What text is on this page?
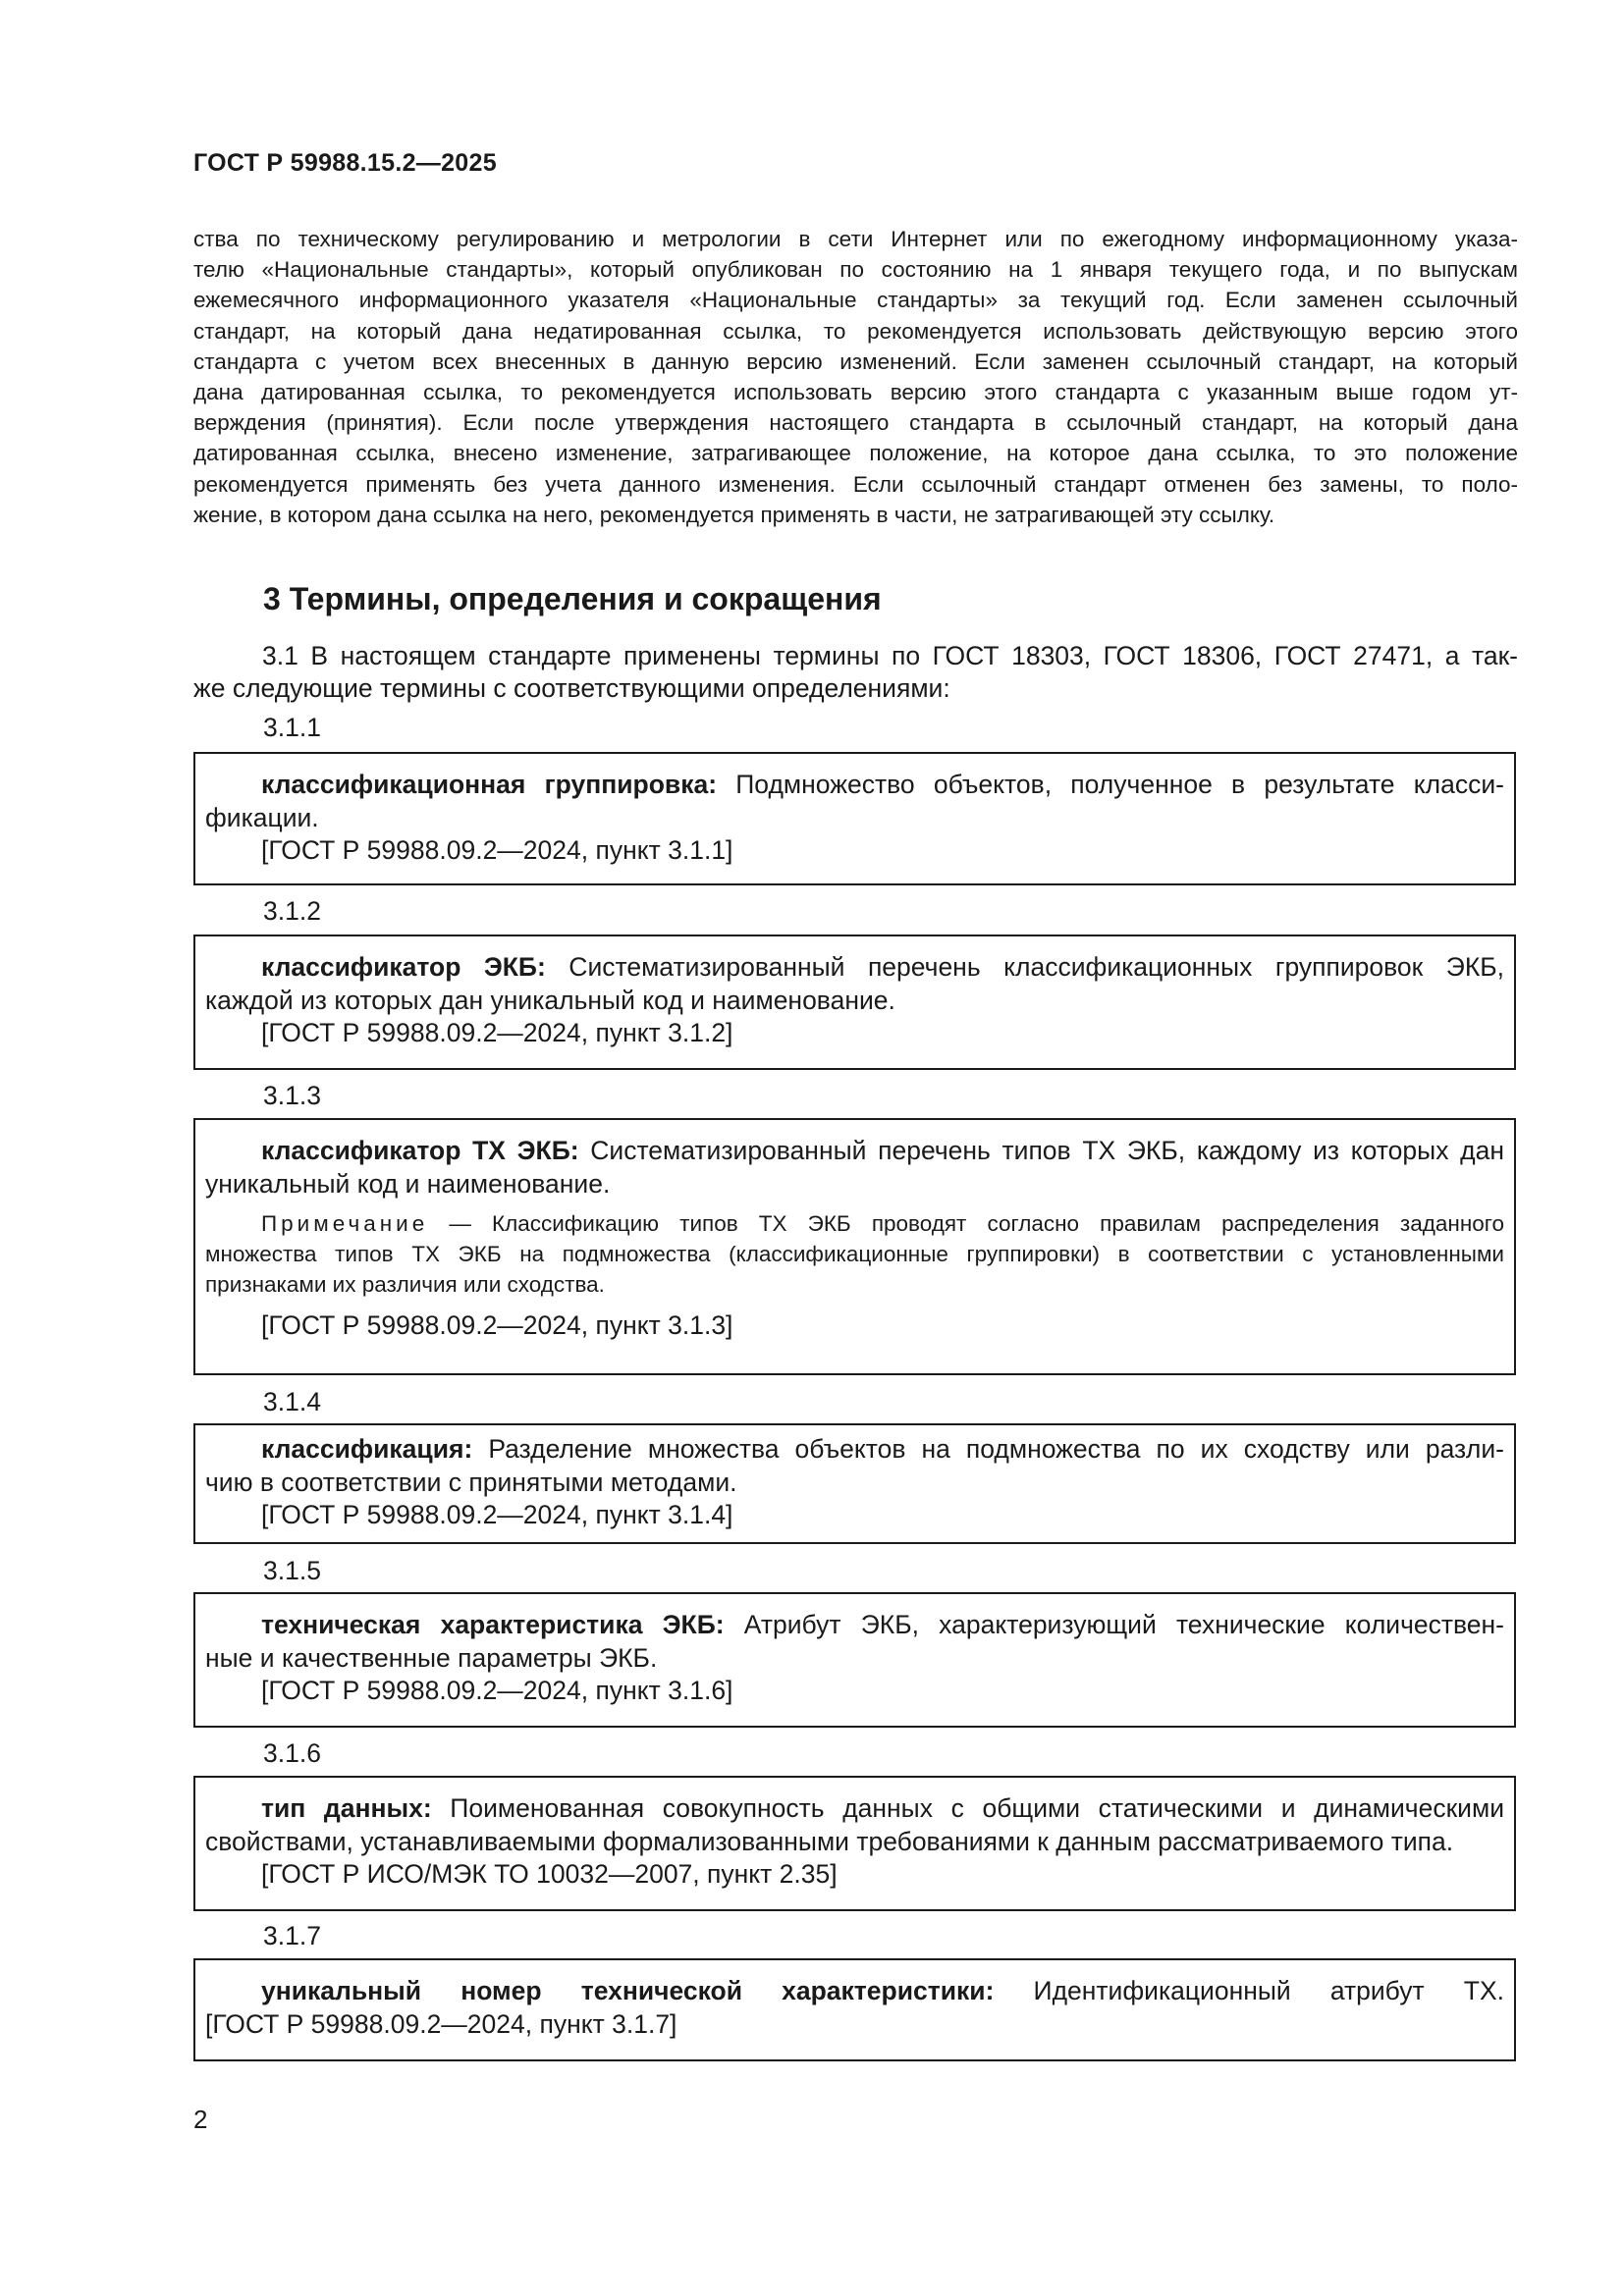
ГОСТ Р 59988.15.2—2025
ства по техническому регулированию и метрологии в сети Интернет или по ежегодному информационному указа-
телю «Национальные стандарты», который опубликован по состоянию на 1 января текущего года, и по выпускам
ежемесячного информационного указателя «Национальные стандарты» за текущий год. Если заменен ссылочный
стандарт, на который дана недатированная ссылка, то рекомендуется использовать действующую версию этого
стандарта с учетом всех внесенных в данную версию изменений. Если заменен ссылочный стандарт, на который
дана датированная ссылка, то рекомендуется использовать версию этого стандарта с указанным выше годом ут-
верждения (принятия). Если после утверждения настоящего стандарта в ссылочный стандарт, на который дана
датированная ссылка, внесено изменение, затрагивающее положение, на которое дана ссылка, то это положение
рекомендуется применять без учета данного изменения. Если ссылочный стандарт отменен без замены, то поло-
жение, в котором дана ссылка на него, рекомендуется применять в части, не затрагивающей эту ссылку.
3 Термины, определения и сокращения
3.1 В настоящем стандарте применены термины по ГОСТ 18303, ГОСТ 18306, ГОСТ 27471, а так-
же следующие термины с соответствующими определениями:
3.1.1
классификационная группировка: Подмножество объектов, полученное в результате класси-
фикации.
[ГОСТ Р 59988.09.2—2024, пункт 3.1.1]
3.1.2
классификатор ЭКБ: Систематизированный перечень классификационных группировок ЭКБ,
каждой из которых дан уникальный код и наименование.
[ГОСТ Р 59988.09.2—2024, пункт 3.1.2]
3.1.3
классификатор ТХ ЭКБ: Систематизированный перечень типов ТХ ЭКБ, каждому из которых дан
уникальный код и наименование.
Примечание — Классификацию типов ТХ ЭКБ проводят согласно правилам распределения заданного
множества типов ТХ ЭКБ на подмножества (классификационные группировки) в соответствии с установленными
признаками их различия или сходства.
[ГОСТ Р 59988.09.2—2024, пункт 3.1.3]
3.1.4
классификация: Разделение множества объектов на подмножества по их сходству или разли-
чию в соответствии с принятыми методами.
[ГОСТ Р 59988.09.2—2024, пункт 3.1.4]
3.1.5
техническая характеристика ЭКБ: Атрибут ЭКБ, характеризующий технические количествен-
ные и качественные параметры ЭКБ.
[ГОСТ Р 59988.09.2—2024, пункт 3.1.6]
3.1.6
тип данных: Поименованная совокупность данных с общими статическими и динамическими
свойствами, устанавливаемыми формализованными требованиями к данным рассматриваемого типа.
[ГОСТ Р ИСО/МЭК ТО 10032—2007, пункт 2.35]
3.1.7
уникальный номер технической характеристики: Идентификационный атрибут ТХ.
[ГОСТ Р 59988.09.2—2024, пункт 3.1.7]
2
